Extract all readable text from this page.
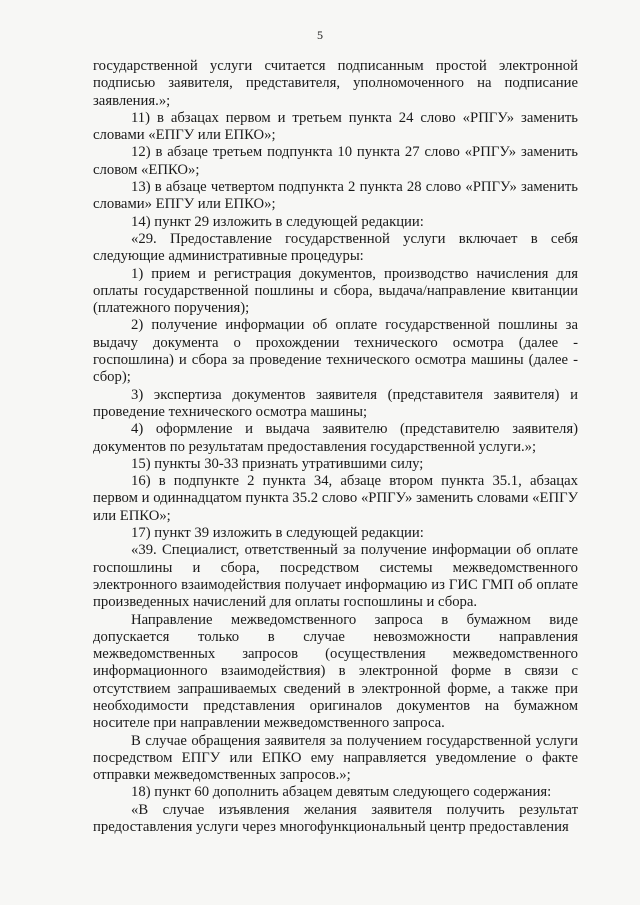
5

государственной услуги считается подписанным простой электронной подписью заявителя, представителя, уполномоченного на подписание заявления.»;

11) в абзацах первом и третьем пункта 24 слово «РПГУ» заменить словами «ЕПГУ или ЕПКО»;

12) в абзаце третьем подпункта 10 пункта 27 слово «РПГУ» заменить словом «ЕПКО»;

13) в абзаце четвертом подпункта 2 пункта 28 слово «РПГУ» заменить словами» ЕПГУ или ЕПКО»;

14) пункт 29 изложить в следующей редакции:

«29. Предоставление государственной услуги включает в себя следующие административные процедуры:

1) прием и регистрация документов, производство начисления для оплаты государственной пошлины и сбора, выдача/направление квитанции (платежного поручения);

2) получение информации об оплате государственной пошлины за выдачу документа о прохождении технического осмотра (далее - госпошлина) и сбора за проведение технического осмотра машины (далее - сбор);

3) экспертиза документов заявителя (представителя заявителя) и проведение технического осмотра машины;

4) оформление и выдача заявителю (представителю заявителя) документов по результатам предоставления государственной услуги.»;

15) пункты 30-33 признать утратившими силу;

16) в подпункте 2 пункта 34, абзаце втором пункта 35.1, абзацах первом и одиннадцатом пункта 35.2 слово «РПГУ» заменить словами «ЕПГУ или ЕПКО»;

17) пункт 39 изложить в следующей редакции:

«39. Специалист, ответственный за получение информации об оплате госпошлины и сбора, посредством системы межведомственного электронного взаимодействия получает информацию из ГИС ГМП об оплате произведенных начислений для оплаты госпошлины и сбора.

Направление межведомственного запроса в бумажном виде допускается только в случае невозможности направления межведомственных запросов (осуществления межведомственного информационного взаимодействия) в электронной форме в связи с отсутствием запрашиваемых сведений в электронной форме, а также при необходимости представления оригиналов документов на бумажном носителе при направлении межведомственного запроса.

В случае обращения заявителя за получением государственной услуги посредством ЕПГУ или ЕПКО ему направляется уведомление о факте отправки межведомственных запросов.»;

18) пункт 60 дополнить абзацем девятым следующего содержания:

«В случае изъявления желания заявителя получить результат предоставления услуги через многофункциональный центр предоставления
